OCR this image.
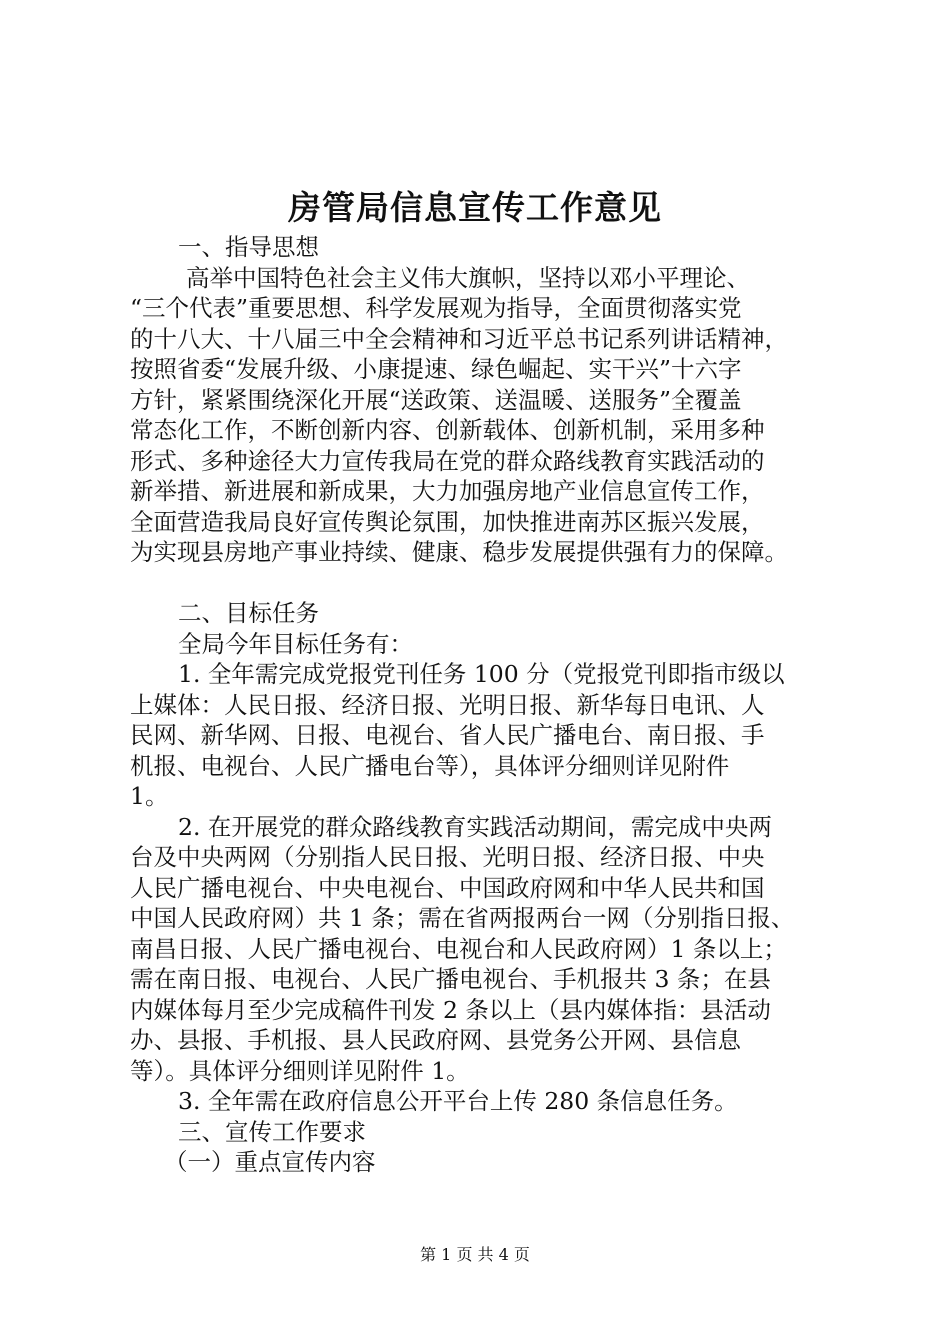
房管局信息宣传工作意见
一、指导思想
高举中国特色社会主义伟大旗帜，坚持以邓小平理论、
“三个代表”重要思想、科学发展观为指导，全面贯彻落实党
的十八大、十八届三中全会精神和习近平总书记系列讲话精神，
按照省委“发展升级、小康提速、绿色崛起、实干兴”十六字
方针，紧紧围绕深化开展“送政策、送温暖、送服务”全覆盖
常态化工作，不断创新内容、创新载体、创新机制，采用多种
形式、多种途径大力宣传我局在党的群众路线教育实践活动的
新举措、新进展和新成果，大力加强房地产业信息宣传工作，
全面营造我局良好宣传舆论氛围，加快推进南苏区振兴发展，
为实现县房地产事业持续、健康、稳步发展提供强有力的保障。
二、目标任务
全局今年目标任务有：
1. 全年需完成党报党刊任务 100 分（党报党刊即指市级以
上媒体：人民日报、经济日报、光明日报、新华每日电讯、人
民网、新华网、日报、电视台、省人民广播电台、南日报、手
机报、电视台、人民广播电台等），具体评分细则详见附件
1。
2. 在开展党的群众路线教育实践活动期间，需完成中央两
台及中央两网（分别指人民日报、光明日报、经济日报、中央
人民广播电视台、中央电视台、中国政府网和中华人民共和国
中国人民政府网）共 1 条；需在省两报两台一网（分别指日报、
南昌日报、人民广播电视台、电视台和人民政府网）1 条以上；
需在南日报、电视台、人民广播电视台、手机报共 3 条；在县
内媒体每月至少完成稿件刊发 2 条以上（县内媒体指：县活动
办、县报、手机报、县人民政府网、县党务公开网、县信息
等）。具体评分细则详见附件 1。
3. 全年需在政府信息公开平台上传 280 条信息任务。
三、宣传工作要求
（一）重点宣传内容
第 1 页 共 4 页
